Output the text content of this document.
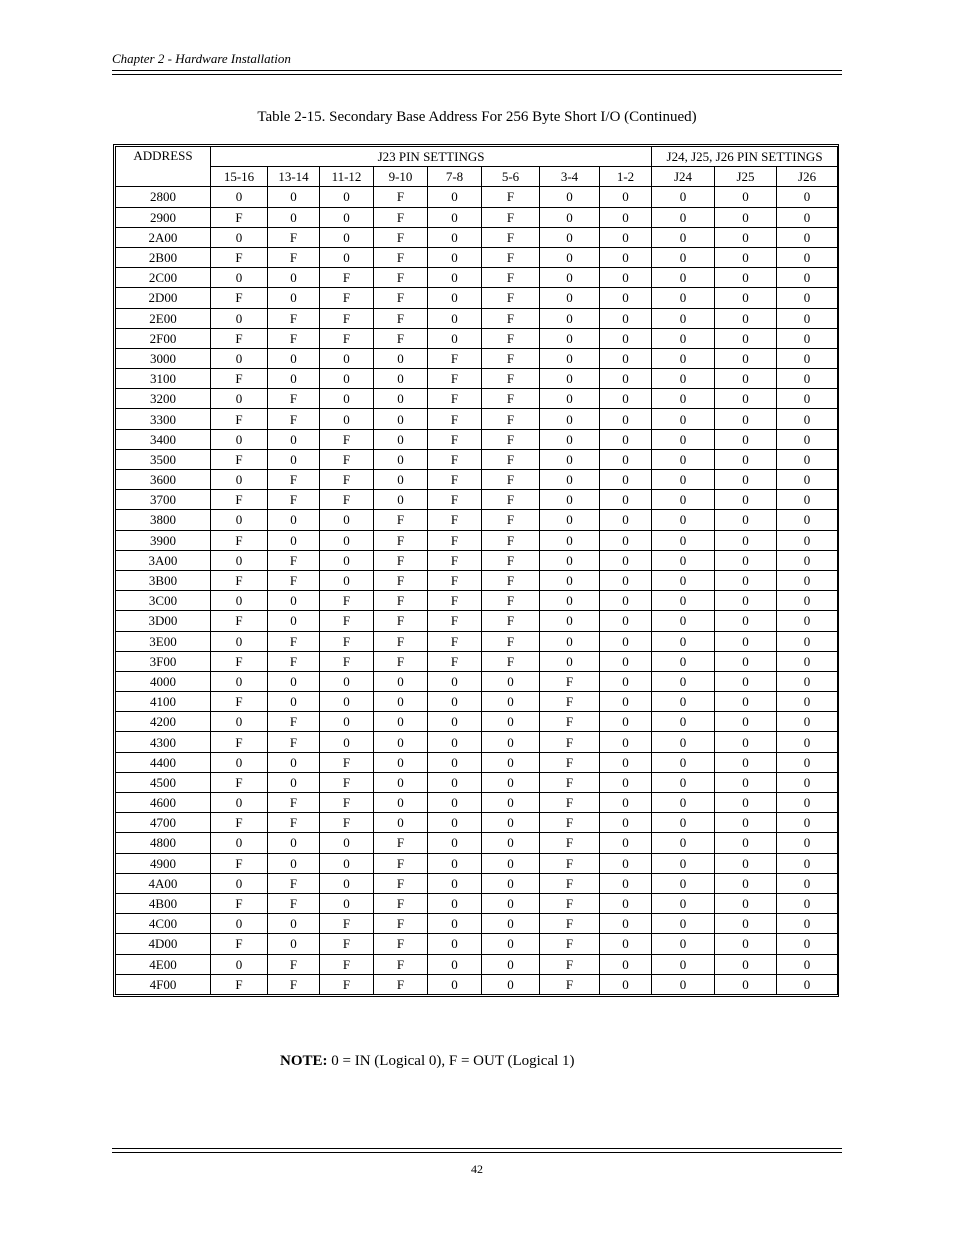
Chapter 2 - Hardware Installation
Table 2-15. Secondary Base Address For 256 Byte Short I/O (Continued)
ADDRESS	J23 PIN SETTINGS								J24, J25, J26 PIN SETTINGS		
	15-16	13-14	11-12	9-10	7-8	5-6	3-4	1-2	J24	J25	J26
2800	0	0	0	F	0	F	0	0	0	0	0
2900	F	0	0	F	0	F	0	0	0	0	0
2A00	0	F	0	F	0	F	0	0	0	0	0
2B00	F	F	0	F	0	F	0	0	0	0	0
2C00	0	0	F	F	0	F	0	0	0	0	0
2D00	F	0	F	F	0	F	0	0	0	0	0
2E00	0	F	F	F	0	F	0	0	0	0	0
2F00	F	F	F	F	0	F	0	0	0	0	0
3000	0	0	0	0	F	F	0	0	0	0	0
3100	F	0	0	0	F	F	0	0	0	0	0
3200	0	F	0	0	F	F	0	0	0	0	0
3300	F	F	0	0	F	F	0	0	0	0	0
3400	0	0	F	0	F	F	0	0	0	0	0
3500	F	0	F	0	F	F	0	0	0	0	0
3600	0	F	F	0	F	F	0	0	0	0	0
3700	F	F	F	0	F	F	0	0	0	0	0
3800	0	0	0	F	F	F	0	0	0	0	0
3900	F	0	0	F	F	F	0	0	0	0	0
3A00	0	F	0	F	F	F	0	0	0	0	0
3B00	F	F	0	F	F	F	0	0	0	0	0
3C00	0	0	F	F	F	F	0	0	0	0	0
3D00	F	0	F	F	F	F	0	0	0	0	0
3E00	0	F	F	F	F	F	0	0	0	0	0
3F00	F	F	F	F	F	F	0	0	0	0	0
4000	0	0	0	0	0	0	F	0	0	0	0
4100	F	0	0	0	0	0	F	0	0	0	0
4200	0	F	0	0	0	0	F	0	0	0	0
4300	F	F	0	0	0	0	F	0	0	0	0
4400	0	0	F	0	0	0	F	0	0	0	0
4500	F	0	F	0	0	0	F	0	0	0	0
4600	0	F	F	0	0	0	F	0	0	0	0
4700	F	F	F	0	0	0	F	0	0	0	0
4800	0	0	0	F	0	0	F	0	0	0	0
4900	F	0	0	F	0	0	F	0	0	0	0
4A00	0	F	0	F	0	0	F	0	0	0	0
4B00	F	F	0	F	0	0	F	0	0	0	0
4C00	0	0	F	F	0	0	F	0	0	0	0
4D00	F	0	F	F	0	0	F	0	0	0	0
4E00	0	F	F	F	0	0	F	0	0	0	0
4F00	F	F	F	F	0	0	F	0	0	0	0
NOTE: 0 = IN (Logical 0), F = OUT (Logical 1)
42
